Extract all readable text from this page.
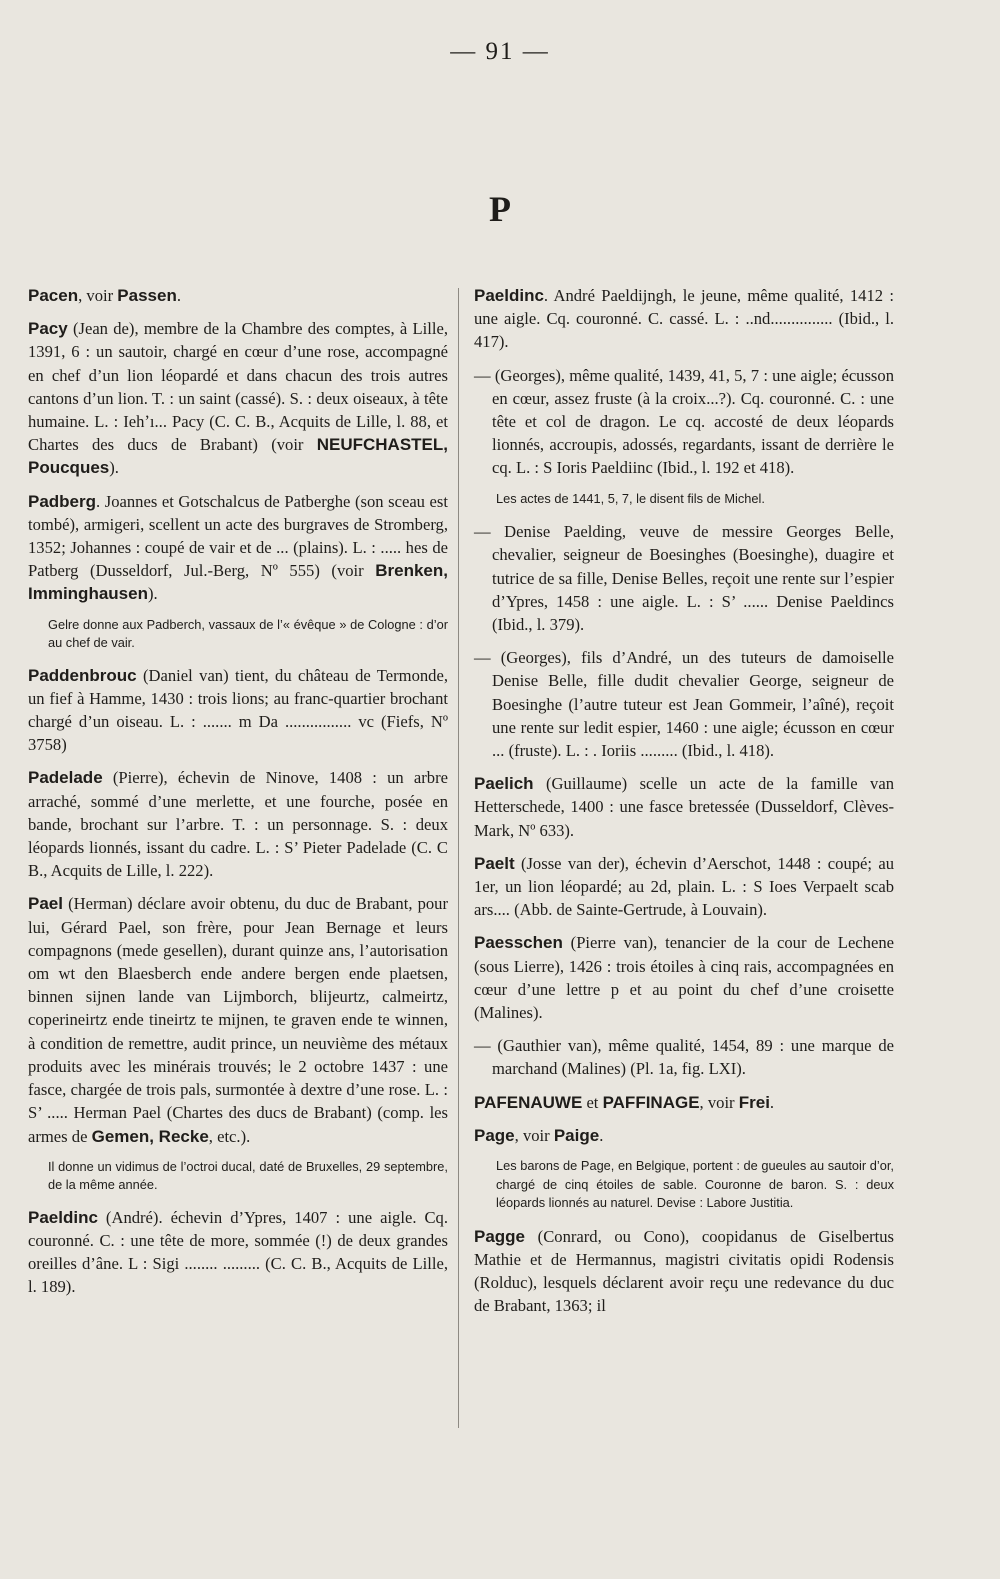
— 91 —
P
Pacen, voir Passen.
Pacy (Jean de), membre de la Chambre des comptes, à Lille, 1391, 6 : un sautoir, chargé en cœur d’une rose, accompagné en chef d’un lion léopardé et dans chacun des trois autres cantons d’un lion. T. : un saint (cassé). S. : deux oiseaux, à tête humaine. L. : Iehʼı... Pacy (C. C. B., Acquits de Lille, l. 88, et Chartes des ducs de Brabant) (voir NEUFCHASTEL, Poucques).
Padberg. Joannes et Gotschalcus de Patberghe (son sceau est tombé), armigeri, scellent un acte des burgraves de Stromberg, 1352; Johannes : coupé de vair et de ... (plains). L. : ..... hes de Patberg (Dusseldorf, Jul.-Berg, Nº 555) (voir Brenken, Imminghausen).
Gelre donne aux Padberch, vassaux de l’« évêque » de Cologne : d’or au chef de vair.
Paddenbrouc (Daniel van) tient, du château de Termonde, un fief à Hamme, 1430 : trois lions; au franc-quartier brochant chargé d’un oiseau. L. : ....... m Da ................ vc (Fiefs, Nº 3758)
Padelade (Pierre), échevin de Ninove, 1408 : un arbre arraché, sommé d’une merlette, et une fourche, posée en bande, brochant sur l’arbre. T. : un personnage. S. : deux léopards lionnés, issant du cadre. L. : S’ Pieter Padelade (C. C B., Acquits de Lille, l. 222).
Pael (Herman) déclare avoir obtenu, du duc de Brabant, pour lui, Gérard Pael, son frère, pour Jean Bernage et leurs compagnons (mede gesellen), durant quinze ans, l’autorisation om wt den Blaesberch ende andere bergen ende plaetsen, binnen sijnen lande van Lijmborch, blijeurtz, calmeirtz, coperineirtz ende tineirtz te mijnen, te graven ende te winnen, à condition de remettre, audit prince, un neuvième des métaux produits avec les minérais trouvés; le 2 octobre 1437 : une fasce, chargée de trois pals, surmontée à dextre d’une rose. L. : S’ ..... Herman Pael (Chartes des ducs de Brabant) (comp. les armes de Gemen, Recke, etc.).
Il donne un vidimus de l’octroi ducal, daté de Bruxelles, 29 septembre, de la même année.
Paeldinc (André). échevin d’Ypres, 1407 : une aigle. Cq. couronné. C. : une tête de more, sommée (!) de deux grandes oreilles d’âne. L : Sigi ........ ......... (C. C. B., Acquits de Lille, l. 189).
Paeldinc. André Paeldijngh, le jeune, même qualité, 1412 : une aigle. Cq. couronné. C. cassé. L. : ..nd............... (Ibid., l. 417).
— (Georges), même qualité, 1439, 41, 5, 7 : une aigle; écusson en cœur, assez fruste (à la croix...?). Cq. couronné. C. : une tête et col de dragon. Le cq. accosté de deux léopards lionnés, accroupis, adossés, regardants, issant de derrière le cq. L. : S Ioris Paeldiinc (Ibid., l. 192 et 418).
Les actes de 1441, 5, 7, le disent fils de Michel.
— Denise Paelding, veuve de messire Georges Belle, chevalier, seigneur de Boesinghes (Boesinghe), duagire et tutrice de sa fille, Denise Belles, reçoit une rente sur l’espier d’Ypres, 1458 : une aigle. L. : S’ ...... Denise Paeldincs (Ibid., l. 379).
— (Georges), fils d’André, un des tuteurs de damoiselle Denise Belle, fille dudit chevalier George, seigneur de Boesinghe (l’autre tuteur est Jean Gommeir, l’aîné), reçoit une rente sur ledit espier, 1460 : une aigle; écusson en cœur ... (fruste). L. : . Ioriis ......... (Ibid., l. 418).
Paelich (Guillaume) scelle un acte de la famille van Hetterschede, 1400 : une fasce bretessée (Dusseldorf, Clèves-Mark, Nº 633).
Paelt (Josse van der), échevin d’Aerschot, 1448 : coupé; au 1er, un lion léopardé; au 2d, plain. L. : S Ioes Verpaelt scab ars.... (Abb. de Sainte-Gertrude, à Louvain).
Paesschen (Pierre van), tenancier de la cour de Lechene (sous Lierre), 1426 : trois étoiles à cinq rais, accompagnées en cœur d’une lettre p et au point du chef d’une croisette (Malines).
— (Gauthier van), même qualité, 1454, 89 : une marque de marchand (Malines) (Pl. 1a, fig. LXI).
PAFENAUWE et PAFFINAGE, voir Frei.
Page, voir Paige.
Les barons de Page, en Belgique, portent : de gueules au sautoir d’or, chargé de cinq étoiles de sable. Couronne de baron. S. : deux léopards lionnés au naturel. Devise : Labore Justitia.
Pagge (Conrard, ou Cono), coopidanus de Giselbertus Mathie et de Hermannus, magistri civitatis opidi Rodensis (Rolduc), lesquels déclarent avoir reçu une redevance du duc de Brabant, 1363; il
